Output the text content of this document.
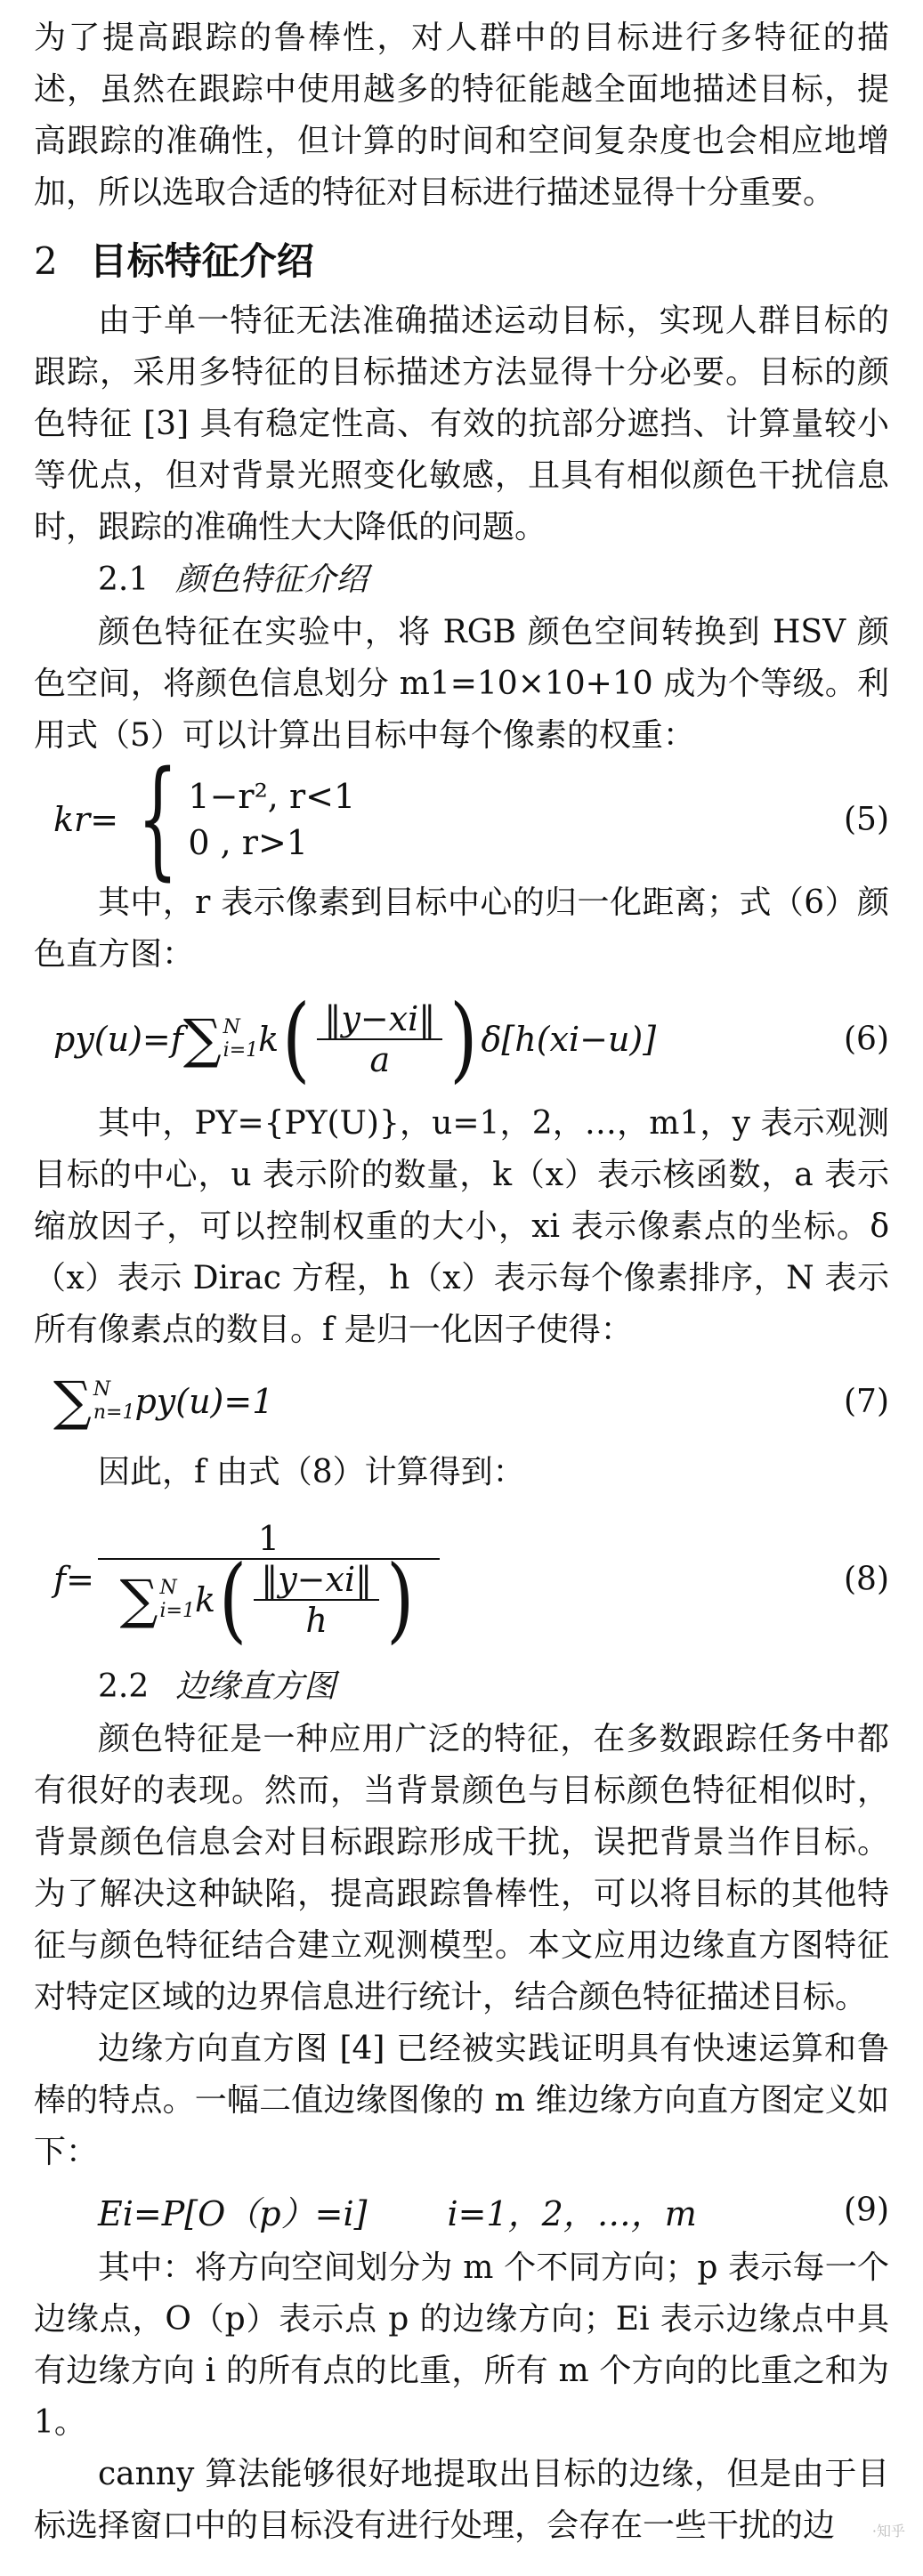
为了提高跟踪的鲁棒性，对人群中的目标进行多特征的描述，虽然在跟踪中使用越多的特征能越全面地描述目标，提高跟踪的准确性，但计算的时间和空间复杂度也会相应地增加，所以选取合适的特征对目标进行描述显得十分重要。

2 目标特征介绍

由于单一特征无法准确描述运动目标，实现人群目标的跟踪，采用多特征的目标描述方法显得十分必要。目标的颜色特征 [3] 具有稳定性高、有效的抗部分遮挡、计算量较小等优点，但对背景光照变化敏感，且具有相似颜色干扰信息时，跟踪的准确性大大降低的问题。

2.1 颜色特征介绍

颜色特征在实验中，将 RGB 颜色空间转换到 HSV 颜色空间，将颜色信息划分 m1=10×10+10 成为个等级。利用式（5）可以计算出目标中每个像素的权重：

kr= { 1−r², r<1
0 , r>1
(5)

其中，r 表示像素到目标中心的归一化距离；式（6）颜色直方图：

py(u)=f ∑ N
i=1 k ( $\frac{‖y-xi‖}{a}$ ) δ[h(xi−u)]	(6)

其中，PY={PY(U)}，u=1，2，…，m1，y 表示观测目标的中心，u 表示阶的数量，k（x）表示核函数，a 表示缩放因子，可以控制权重的大小，xi 表示像素点的坐标。δ（x）表示 Dirac 方程，h（x）表示每个像素排序，N 表示所有像素点的数目。f 是归一化因子使得：

∑ N
n=1 py(u)=1	(7)

因此，f 由式（8）计算得到：

f=
1
∑ N
i=1 k ( $\frac{‖y-xi‖}{h}$ )	(8)
2.2 边缘直方图

颜色特征是一种应用广泛的特征，在多数跟踪任务中都有很好的表现。然而，当背景颜色与目标颜色特征相似时，背景颜色信息会对目标跟踪形成干扰，误把背景当作目标。为了解决这种缺陷，提高跟踪鲁棒性，可以将目标的其他特征与颜色特征结合建立观测模型。本文应用边缘直方图特征对特定区域的边界信息进行统计，结合颜色特征描述目标。

边缘方向直方图 [4] 已经被实践证明具有快速运算和鲁棒的特点。一幅二值边缘图像的 m 维边缘方向直方图定义如下：

Ei=P[O（p）=i] i=1，2，…，m	(9)

其中：将方向空间划分为 m 个不同方向；p 表示每一个边缘点，O（p）表示点 p 的边缘方向；Ei 表示边缘点中具有边缘方向 i 的所有点的比重，所有 m 个方向的比重之和为 1。

canny 算法能够很好地提取出目标的边缘，但是由于目标选择窗口中的目标没有进行处理，会存在一些干扰的边	·知乎
